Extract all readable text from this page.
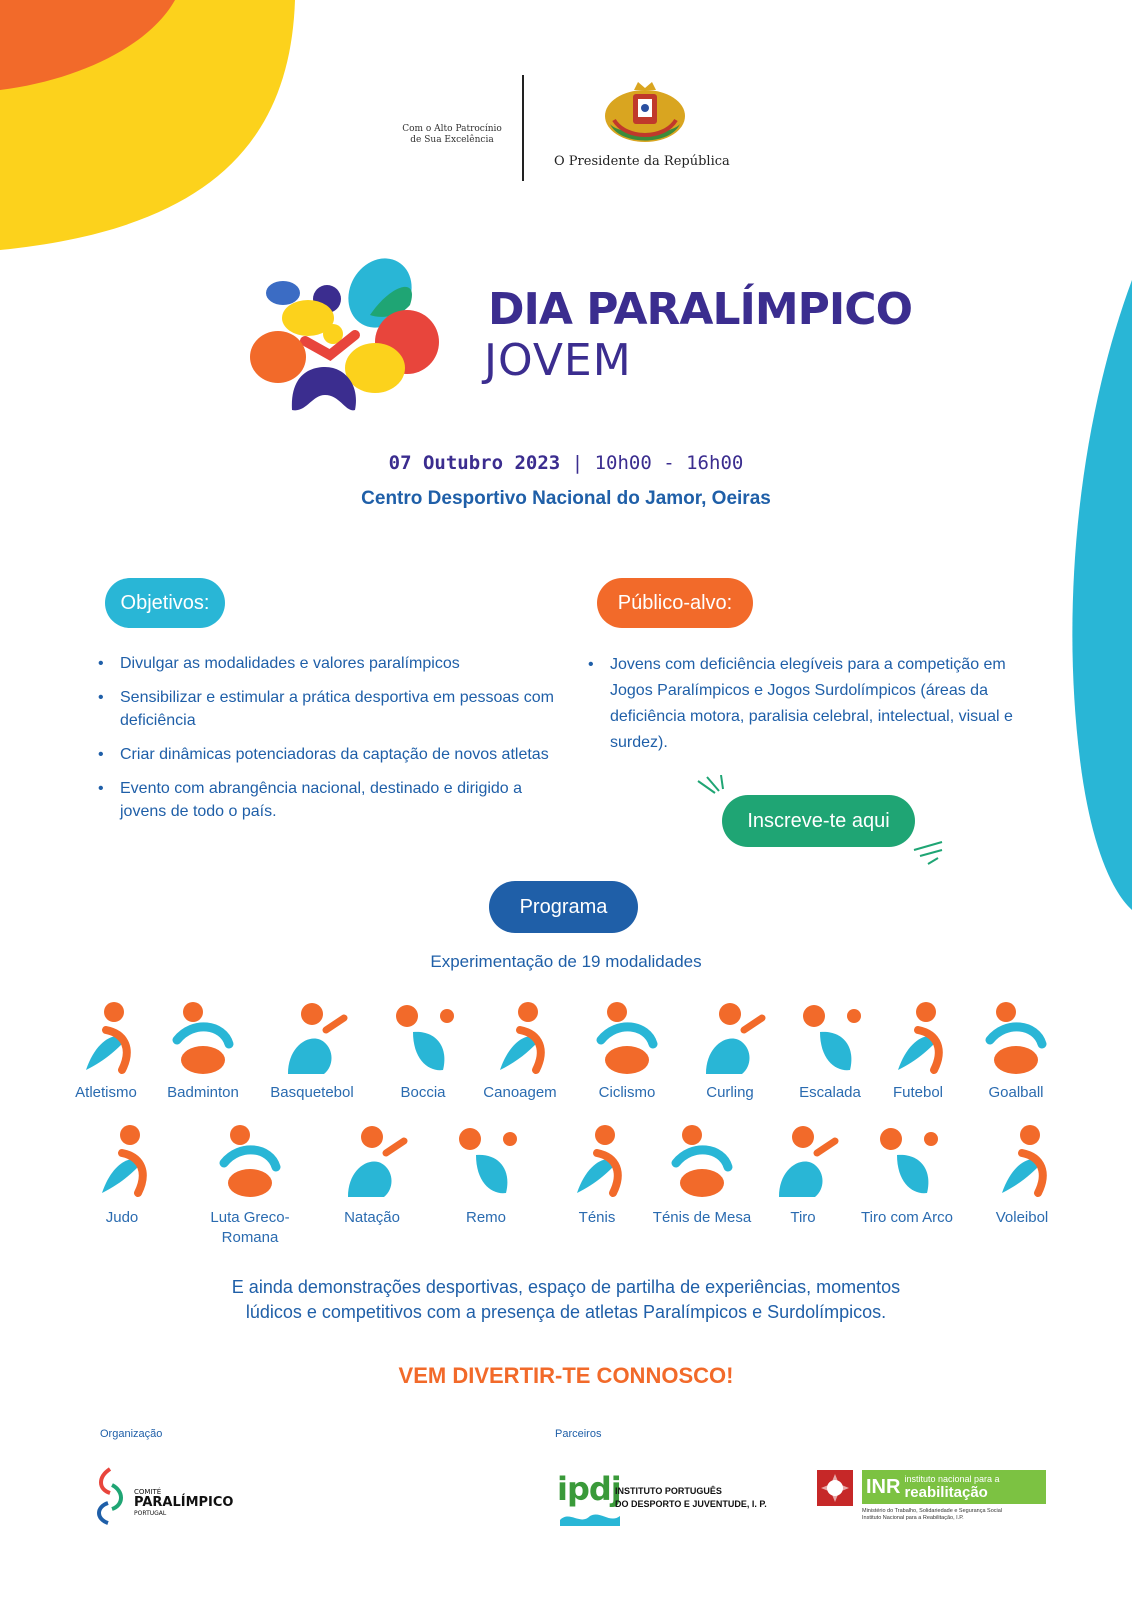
Com o Alto Patrocínio
de Sua Excelência
O Presidente da República
DIA PARALÍMPICO
JOVEM
07 Outubro 2023 | 10h00 - 16h00
Centro Desportivo Nacional do Jamor, Oeiras
Objetivos:
• Divulgar as modalidades e valores paralímpicos
• Sensibilizar e estimular a prática desportiva em pessoas com deficiência
• Criar dinâmicas potenciadoras da captação de novos atletas
• Evento com abrangência nacional, destinado e dirigido a jovens de todo o país.
Público-alvo:
• Jovens com deficiência elegíveis para a competição em Jogos Paralímpicos e Jogos Surdolímpicos (áreas da deficiência motora, paralisia celebral, intelectual, visual e surdez).
Inscreve-te aqui
Programa
Experimentação de 19 modalidades
Atletismo	Badminton	Basquetebol	Boccia	Canoagem	Ciclismo	Curling	Escalada	Futebol	Goalball
Judo	Luta Greco-Romana
Natação	Remo	Ténis	Ténis de Mesa	Tiro	Tiro com Arco	Voleibol
E ainda demonstrações desportivas, espaço de partilha de experiências, momentos
lúdicos e competitivos com a presença de atletas Paralímpicos e Surdolímpicos.
VEM DIVERTIR-TE CONNOSCO!
Organização	Parceiros
COMITÉ
PARALÍMPICO
PORTUGAL
ipdj
INSTITUTO PORTUGUÊS
DO DESPORTO E JUVENTUDE, I. P.
INR instituto nacional para a
reabilitação
Ministério do Trabalho, Solidariedade e Segurança Social
Instituto Nacional para a Reabilitação, I.P.
